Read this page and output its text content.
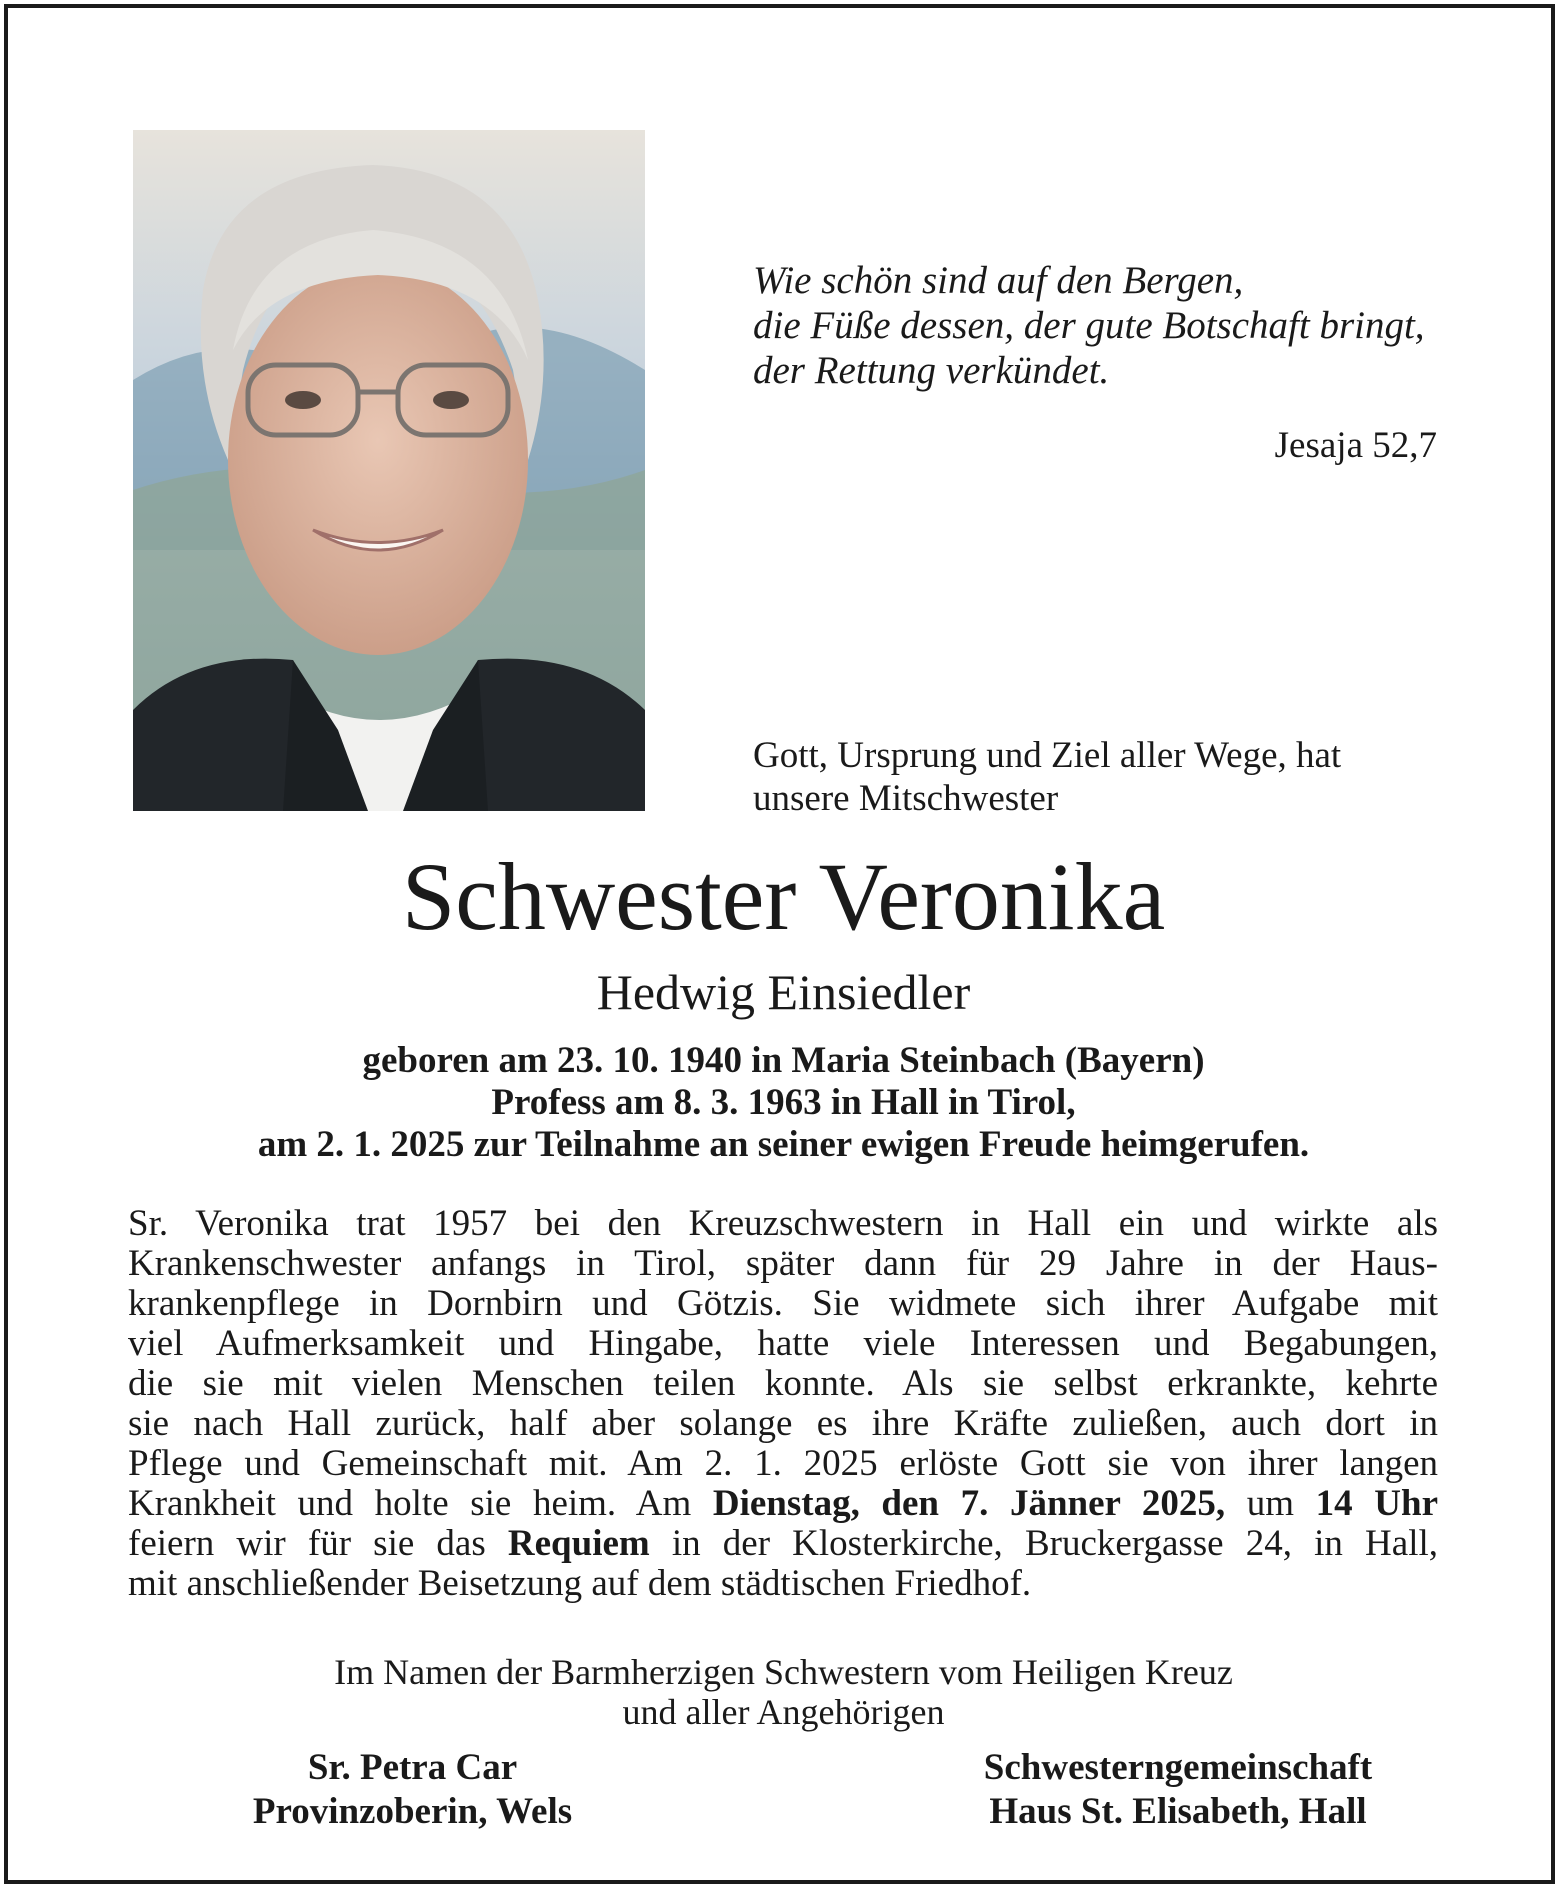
Wie schön sind auf den Bergen,
die Füße dessen, der gute Botschaft bringt,
der Rettung verkündet.
Jesaja 52,7
Gott, Ursprung und Ziel aller Wege, hat
unsere Mitschwester
Schwester Veronika
Hedwig Einsiedler
geboren am 23. 10. 1940 in Maria Steinbach (Bayern)
Profess am 8. 3. 1963 in Hall in Tirol,
am 2. 1. 2025 zur Teilnahme an seiner ewigen Freude heimgerufen.
Sr. Veronika trat 1957 bei den Kreuzschwestern in Hall ein und wirkte als
Krankenschwester anfangs in Tirol, später dann für 29 Jahre in der Haus-
krankenpflege in Dornbirn und Götzis. Sie widmete sich ihrer Aufgabe mit
viel Aufmerksamkeit und Hingabe, hatte viele Interessen und Begabungen,
die sie mit vielen Menschen teilen konnte. Als sie selbst erkrankte, kehrte
sie nach Hall zurück, half aber solange es ihre Kräfte zuließen, auch dort in
Pflege und Gemeinschaft mit. Am 2. 1. 2025 erlöste Gott sie von ihrer langen
Krankheit und holte sie heim. Am Dienstag, den 7. Jänner 2025, um 14 Uhr
feiern wir für sie das Requiem in der Klosterkirche, Bruckergasse 24, in Hall,
mit anschließender Beisetzung auf dem städtischen Friedhof.
Im Namen der Barmherzigen Schwestern vom Heiligen Kreuz
und aller Angehörigen
Sr. Petra Car
Provinzoberin, Wels
Schwesterngemeinschaft
Haus St. Elisabeth, Hall
